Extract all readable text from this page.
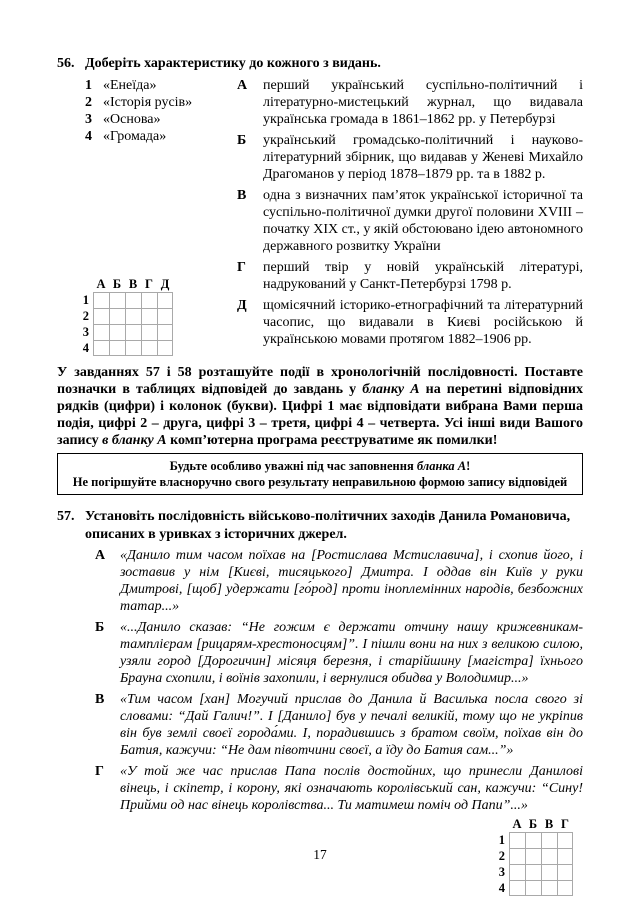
56. Доберіть характеристику до кожного з видань.
1 «Енеїда»
2 «Історія русів»
3 «Основа»
4 «Громада»
А	перший український суспільно-політичний і літературно-мистецький журнал, що видавала українська громада в 1861–1862 рр. у Петербурзі
Б	український громадсько-політичний і науково-літературний збірник, що видавав у Женеві Михайло Драгоманов у період 1878–1879 рр. та в 1882 р.
В	одна з визначних пам’яток української історичної та суспільно-політичної думки другої половини XVIII – початку XIX ст., у якій обстоювано ідею автономного державного розвитку України
Г	перший твір у новій українській літературі, надрукований у Санкт-Петербурзі 1798 р.
Д	щомісячний історико-етнографічний та літературний часопис, що видавали в Києві російською й українською мовами протягом 1882–1906 рр.
А Б В Г Д
1
2
3
4

У завданнях 57 і 58 розташуйте події в хронологічній послідовності. Поставте позначки в таблицях відповідей до завдань у бланку А на перетині відповідних рядків (цифри) і колонок (букви). Цифрі 1 має відповідати вибрана Вами перша подія, цифрі 2 – друга, цифрі 3 – третя, цифрі 4 – четверта. Усі інші види Вашого запису в бланку А комп’ютерна програма реєструватиме як помилки!

Будьте особливо уважні під час заповнення бланка А!
Не погіршуйте власноручно свого результату неправильною формою запису відповідей
57. Установіть послідовність військово-політичних заходів Данила Романовича, описаних в уривках з історичних джерел.
А	«Данило тим часом поїхав на [Ростислава Мстиславича], і схопив його, і зоставив у нім [Києві, тисяцького] Дмитра. І оддав він Київ у руки Дмитрові, [щоб] удержати [го́род] проти іноплемінних народів, безбожних татар...»
Б	«...Данило сказав: “Не гожим є держати отчину нашу крижевникам-тамплієрам [рицарям-хрестоносцям]”. І пішли вони на них з великою силою, узяли город [Дорогичин] місяця березня, і старійшину [магістра] їхнього Брауна схопили, і воїнів захопили, і вернулися обидва у Володимир...»
В	«Тим часом [хан] Могучий прислав до Данила й Василька посла свого зі словами: “Дай Галич!”. І [Данило] був у печалі великій, тому що не укріпив він був землі своєї города́ми. І, порадившись з братом своїм, поїхав він до Батия, кажучи: “Не дам півотчини своєї, а їду до Батия сам...”»
Г	«У той же час прислав Папа послів достойних, що принесли Данилові вінець, і скіпетр, і корону, які означають королівський сан, кажучи: “Сину! Прийми од нас вінець королівства... Ти матимеш поміч од Папи”...»
А Б В Г
1
2
3
4
17
